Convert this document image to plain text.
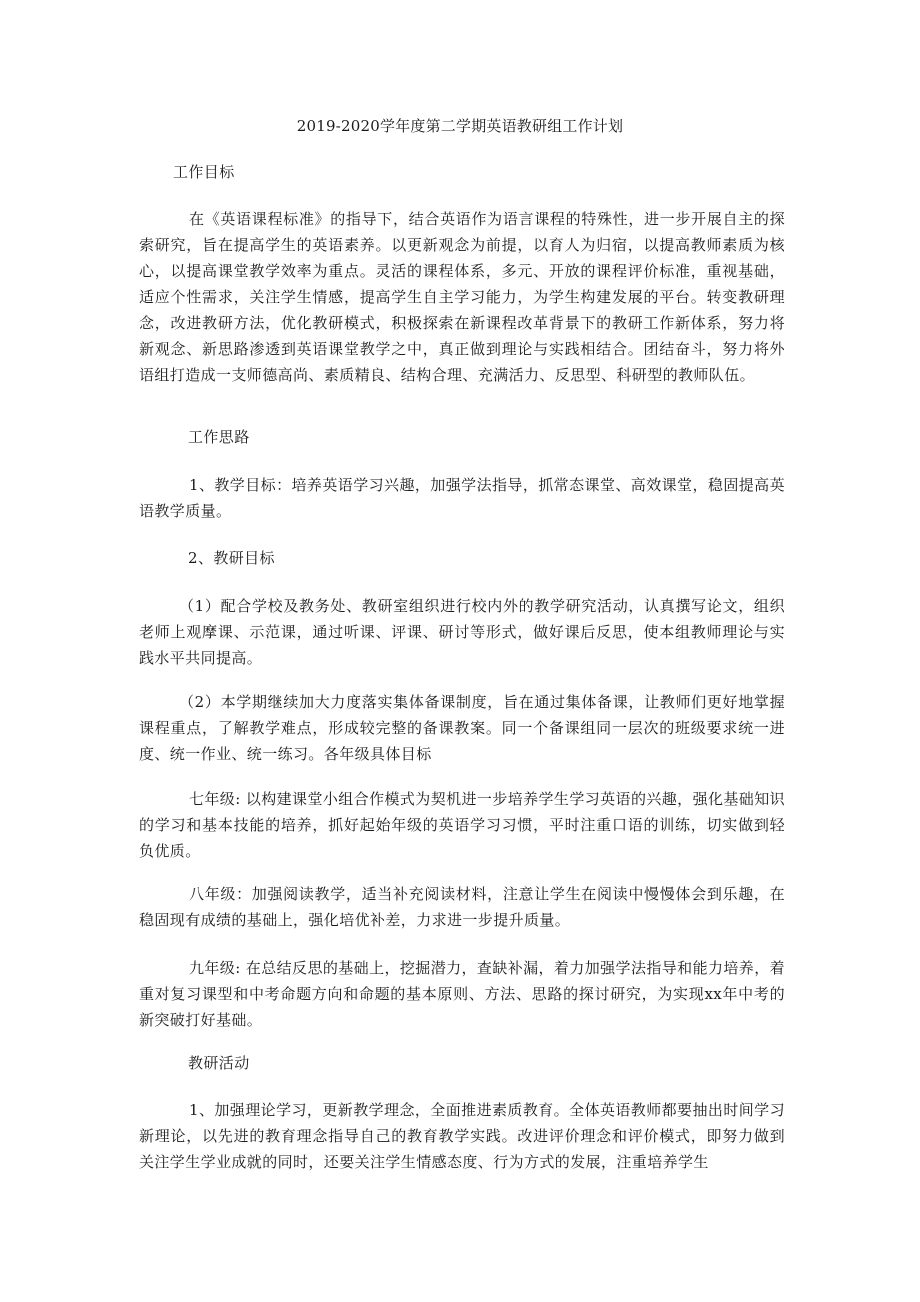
2019-2020学年度第二学期英语教研组工作计划
工作目标
在《英语课程标准》的指导下，结合英语作为语言课程的特殊性，进一步开展自主的探索研究，旨在提高学生的英语素养。以更新观念为前提，以育人为归宿，以提高教师素质为核心，以提高课堂教学效率为重点。灵活的课程体系，多元、开放的课程评价标准，重视基础，适应个性需求，关注学生情感，提高学生自主学习能力，为学生构建发展的平台。转变教研理念，改进教研方法，优化教研模式，积极探索在新课程改革背景下的教研工作新体系，努力将新观念、新思路渗透到英语课堂教学之中，真正做到理论与实践相结合。团结奋斗，努力将外语组打造成一支师德高尚、素质精良、结构合理、充满活力、反思型、科研型的教师队伍。
工作思路
1、教学目标：培养英语学习兴趣，加强学法指导，抓常态课堂、高效课堂，稳固提高英语教学质量。
2、教研目标
（1）配合学校及教务处、教研室组织进行校内外的教学研究活动，认真撰写论文，组织老师上观摩课、示范课，通过听课、评课、研讨等形式，做好课后反思，使本组教师理论与实践水平共同提高。
（2）本学期继续加大力度落实集体备课制度，旨在通过集体备课，让教师们更好地掌握课程重点，了解教学难点，形成较完整的备课教案。同一个备课组同一层次的班级要求统一进度、统一作业、统一练习。各年级具体目标
七年级: 以构建课堂小组合作模式为契机进一步培养学生学习英语的兴趣，强化基础知识的学习和基本技能的培养，抓好起始年级的英语学习习惯，平时注重口语的训练，切实做到轻负优质。
八年级：加强阅读教学，适当补充阅读材料，注意让学生在阅读中慢慢体会到乐趣，在稳固现有成绩的基础上，强化培优补差，力求进一步提升质量。
九年级: 在总结反思的基础上，挖掘潜力，查缺补漏，着力加强学法指导和能力培养，着重对复习课型和中考命题方向和命题的基本原则、方法、思路的探讨研究，为实现xx年中考的新突破打好基础。
教研活动
1、加强理论学习，更新教学理念，全面推进素质教育。全体英语教师都要抽出时间学习新理论，以先进的教育理念指导自己的教育教学实践。改进评价理念和评价模式，即努力做到关注学生学业成就的同时，还要关注学生情感态度、行为方式的发展，注重培养学生
